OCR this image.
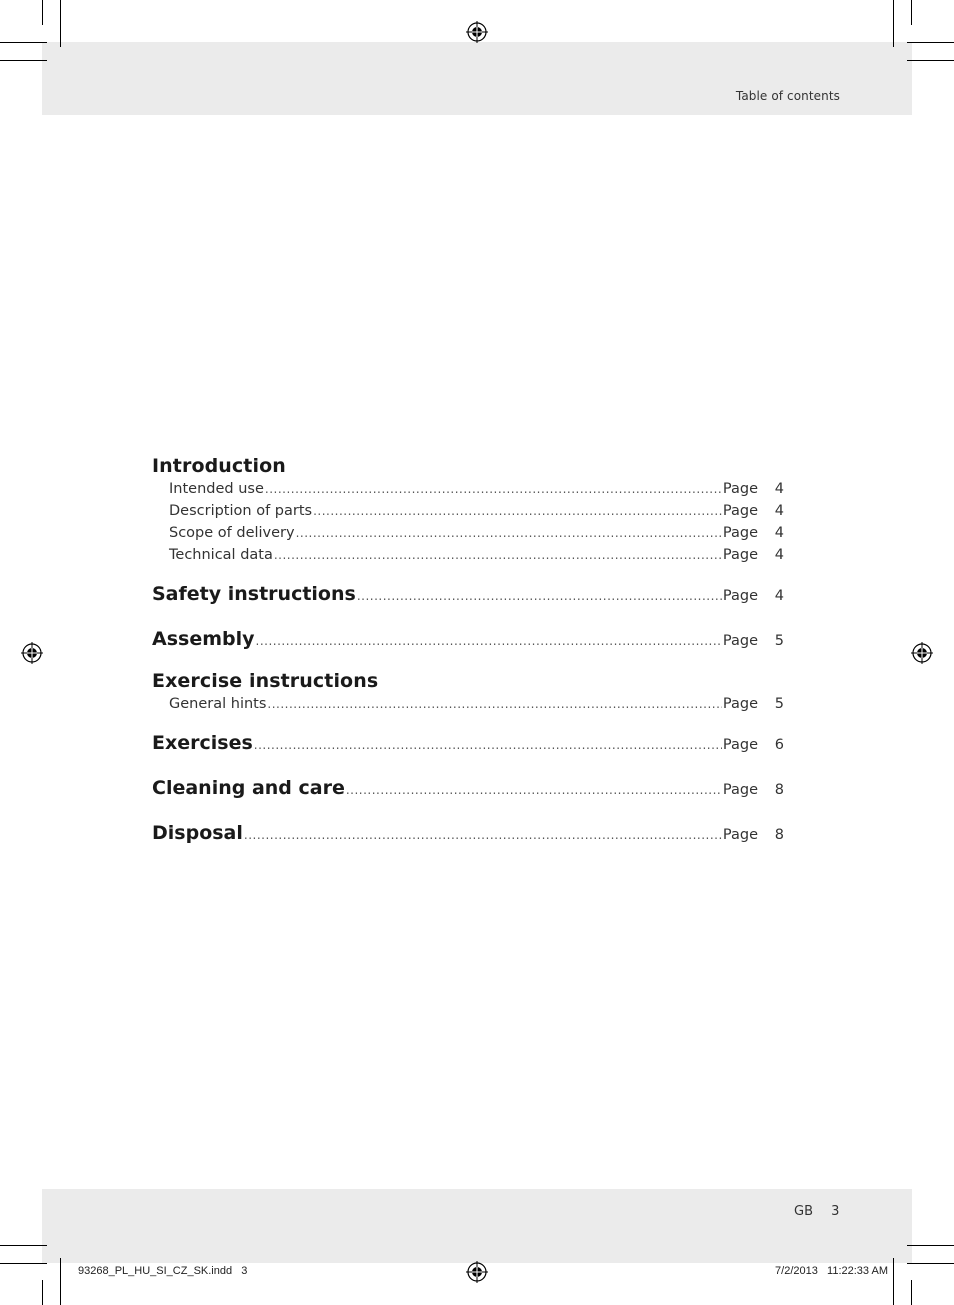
Table of contents
Introduction
Intended use .....	Page	4
Description of parts .....	Page	4
Scope of delivery .....	Page	4
Technical data .....	Page	4
Safety instructions .....	Page	4
Assembly .....	Page	5
Exercise instructions
General hints .....	Page	5
Exercises .....	Page	6
Cleaning and care .....	Page	8
Disposal .....	Page	8
GB 3
93268_PL_HU_SI_CZ_SK.indd   3	7/2/2013   11:22:33 AM
